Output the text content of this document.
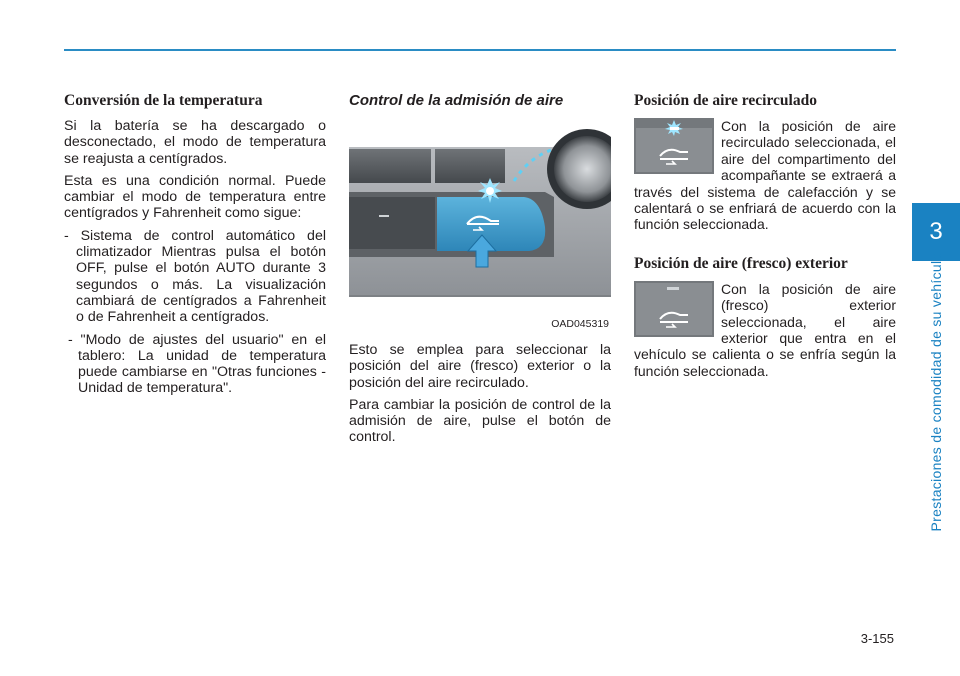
3
Prestaciones de comodidad de su vehículo
Conversión de la temperatura

Si la batería se ha descargado o desconectado, el modo de temperatura se reajusta a centígrados.

Esta es una condición normal. Puede cambiar el modo de temperatura entre centígrados y Fahrenheit como sigue:

- Sistema de control automático del climatizador Mientras pulsa el botón OFF, pulse el botón AUTO durante 3 segundos o más. La visualización cambiará de centígrados a Fahrenheit o de Fahrenheit a centígrados.

- "Modo de ajustes del usuario" en el tablero: La unidad de temperatura puede cambiarse en "Otras funciones - Unidad de temperatura".

Control de la admisión de aire
OAD045319

Esto se emplea para seleccionar la posición del aire (fresco) exterior o la posición del aire recirculado.

Para cambiar la posición de control de la admisión de aire, pulse el botón de control.

Posición de aire recirculado

Con la posición de aire recirculado seleccionada, el aire del compartimento del acompañante se extraerá a través del sistema de calefacción y se calentará o se enfriará de acuerdo con la función seleccionada.

Posición de aire (fresco) exterior

Con la posición de aire (fresco) exterior seleccionada, el aire exterior que entra en el vehículo se calienta o se enfría según la función seleccionada.

3-155
